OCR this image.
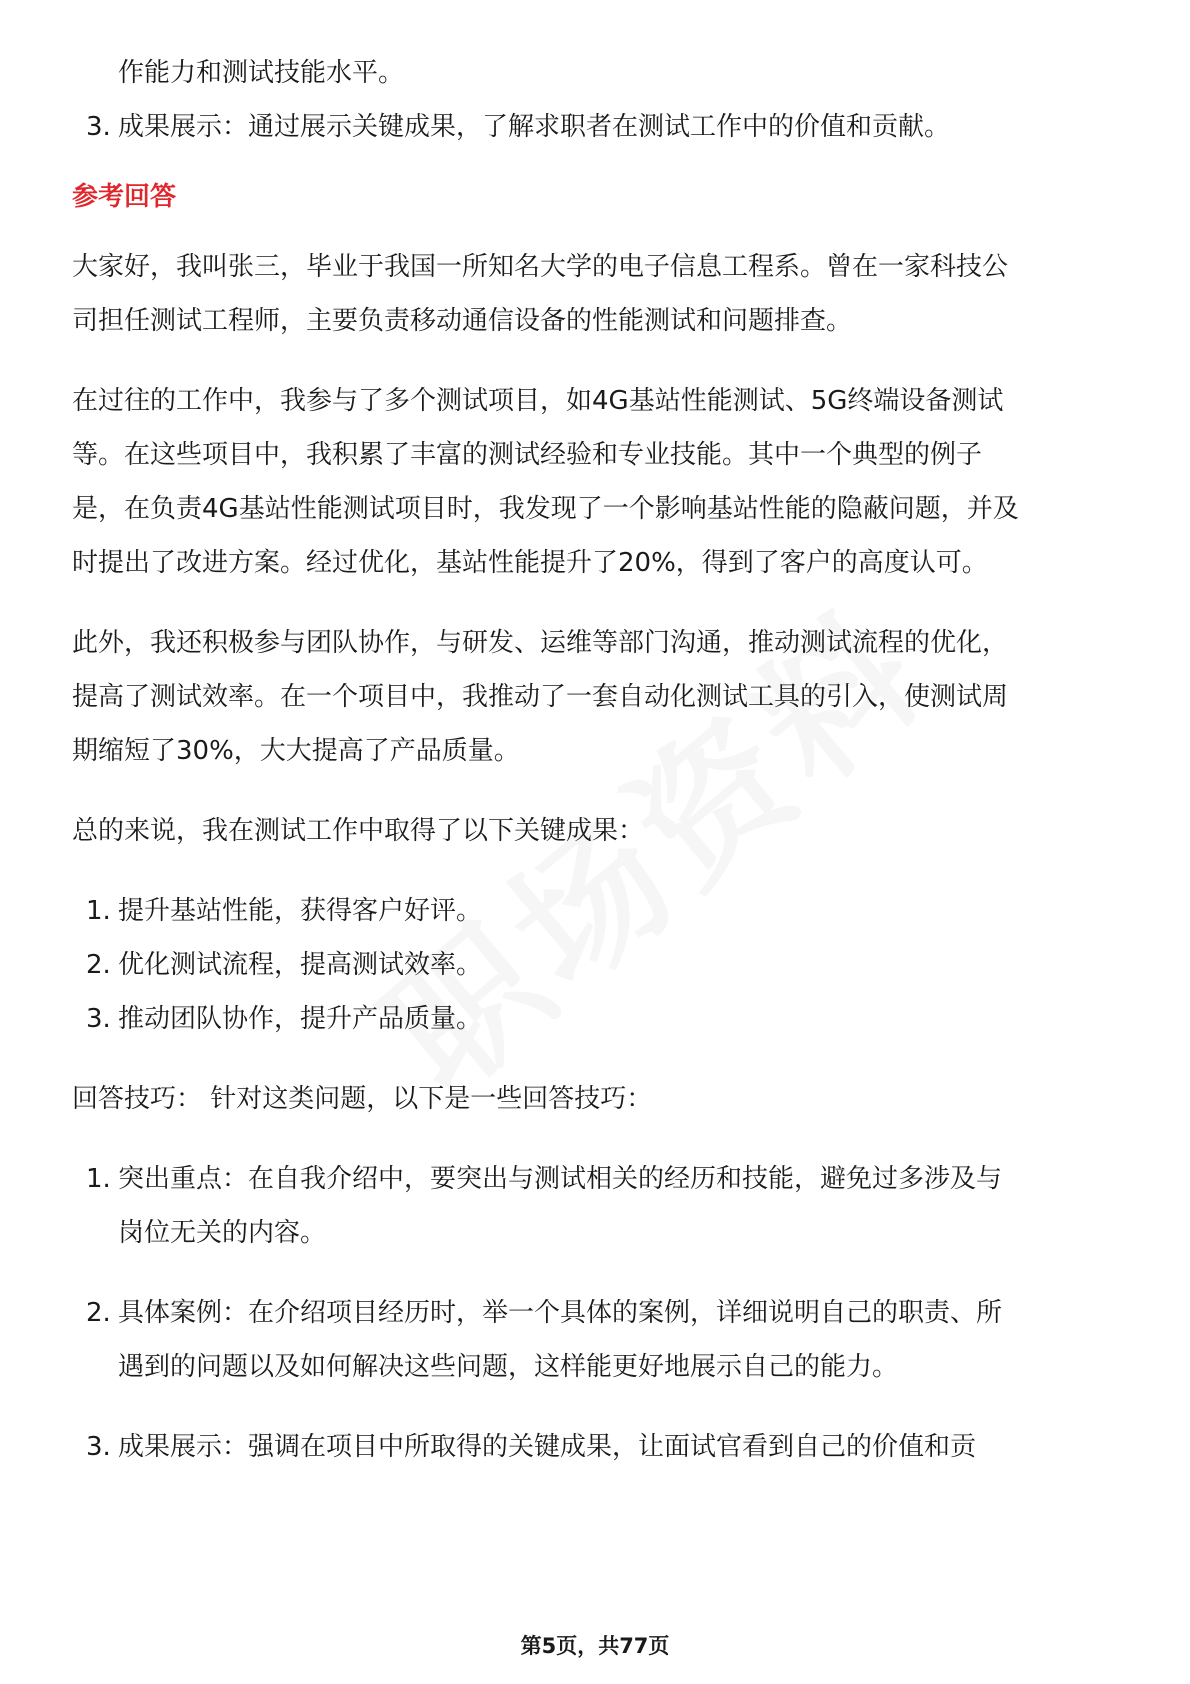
作能力和测试技能水平。
3. 成果展示：通过展示关键成果，了解求职者在测试工作中的价值和贡献。
参考回答
大家好，我叫张三，毕业于我国一所知名大学的电子信息工程系。曾在一家科技公
司担任测试工程师，主要负责移动通信设备的性能测试和问题排查。
在过往的工作中，我参与了多个测试项目，如4G基站性能测试、5G终端设备测试
等。在这些项目中，我积累了丰富的测试经验和专业技能。其中一个典型的例子
是，在负责4G基站性能测试项目时，我发现了一个影响基站性能的隐蔽问题，并及
时提出了改进方案。经过优化，基站性能提升了20%，得到了客户的高度认可。
此外，我还积极参与团队协作，与研发、运维等部门沟通，推动测试流程的优化，
提高了测试效率。在一个项目中，我推动了一套自动化测试工具的引入，使测试周
期缩短了30%，大大提高了产品质量。
总的来说，我在测试工作中取得了以下关键成果：
1. 提升基站性能，获得客户好评。
2. 优化测试流程，提高测试效率。
3. 推动团队协作，提升产品质量。
回答技巧： 针对这类问题，以下是一些回答技巧：
1. 突出重点：在自我介绍中，要突出与测试相关的经历和技能，避免过多涉及与
岗位无关的内容。
2. 具体案例：在介绍项目经历时，举一个具体的案例，详细说明自己的职责、所
遇到的问题以及如何解决这些问题，这样能更好地展示自己的能力。
3. 成果展示：强调在项目中所取得的关键成果，让面试官看到自己的价值和贡
第5页，共77页
